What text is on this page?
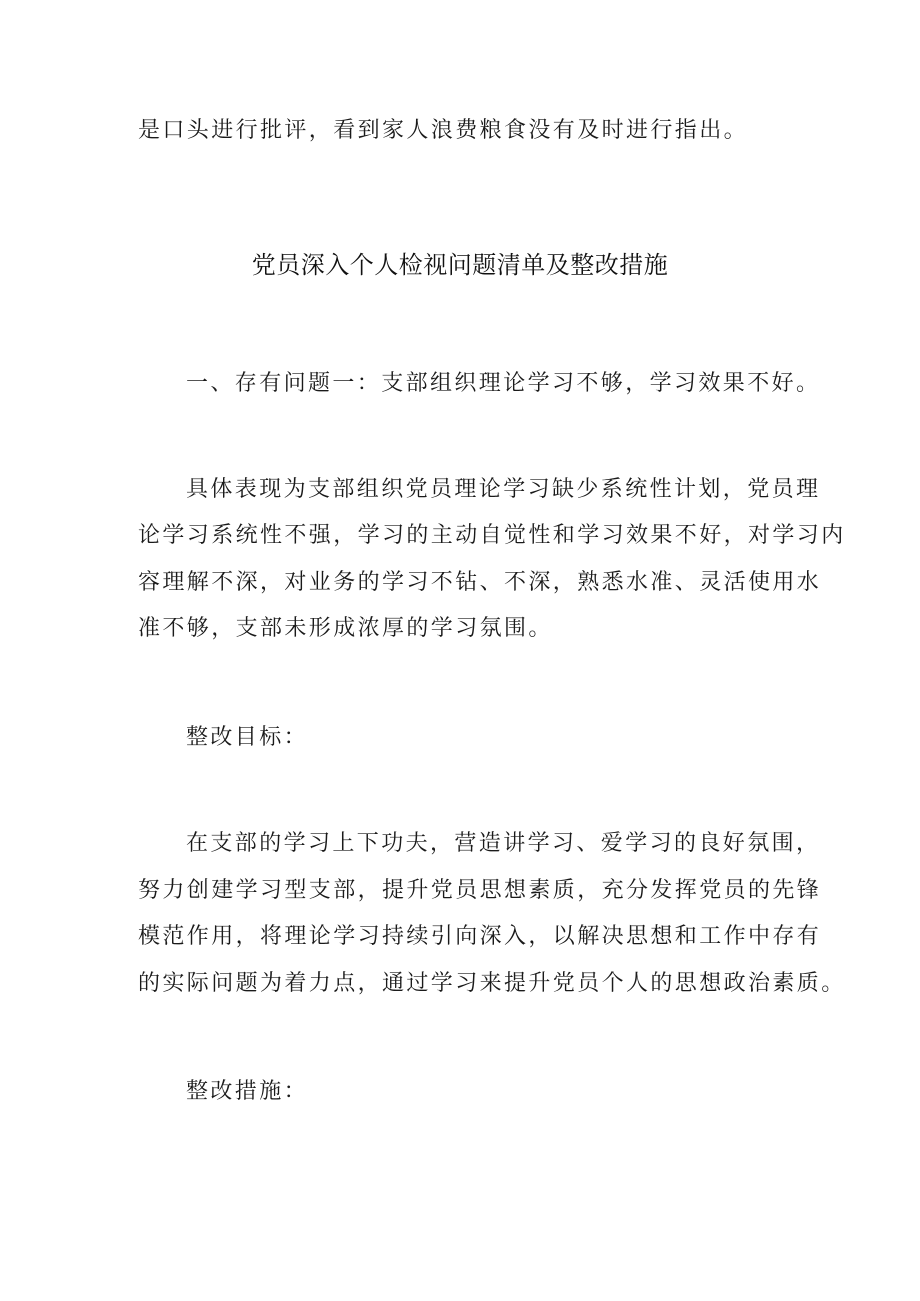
是口头进行批评，看到家人浪费粮食没有及时进行指出。
党员深入个人检视问题清单及整改措施
一、存有问题一：支部组织理论学习不够，学习效果不好。
具体表现为支部组织党员理论学习缺少系统性计划，党员理
论学习系统性不强，学习的主动自觉性和学习效果不好，对学习内
容理解不深，对业务的学习不钻、不深，熟悉水准、灵活使用水
准不够，支部未形成浓厚的学习氛围。
整改目标：
在支部的学习上下功夫，营造讲学习、爱学习的良好氛围，
努力创建学习型支部，提升党员思想素质，充分发挥党员的先锋
模范作用，将理论学习持续引向深入，以解决思想和工作中存有
的实际问题为着力点，通过学习来提升党员个人的思想政治素质。
整改措施：
